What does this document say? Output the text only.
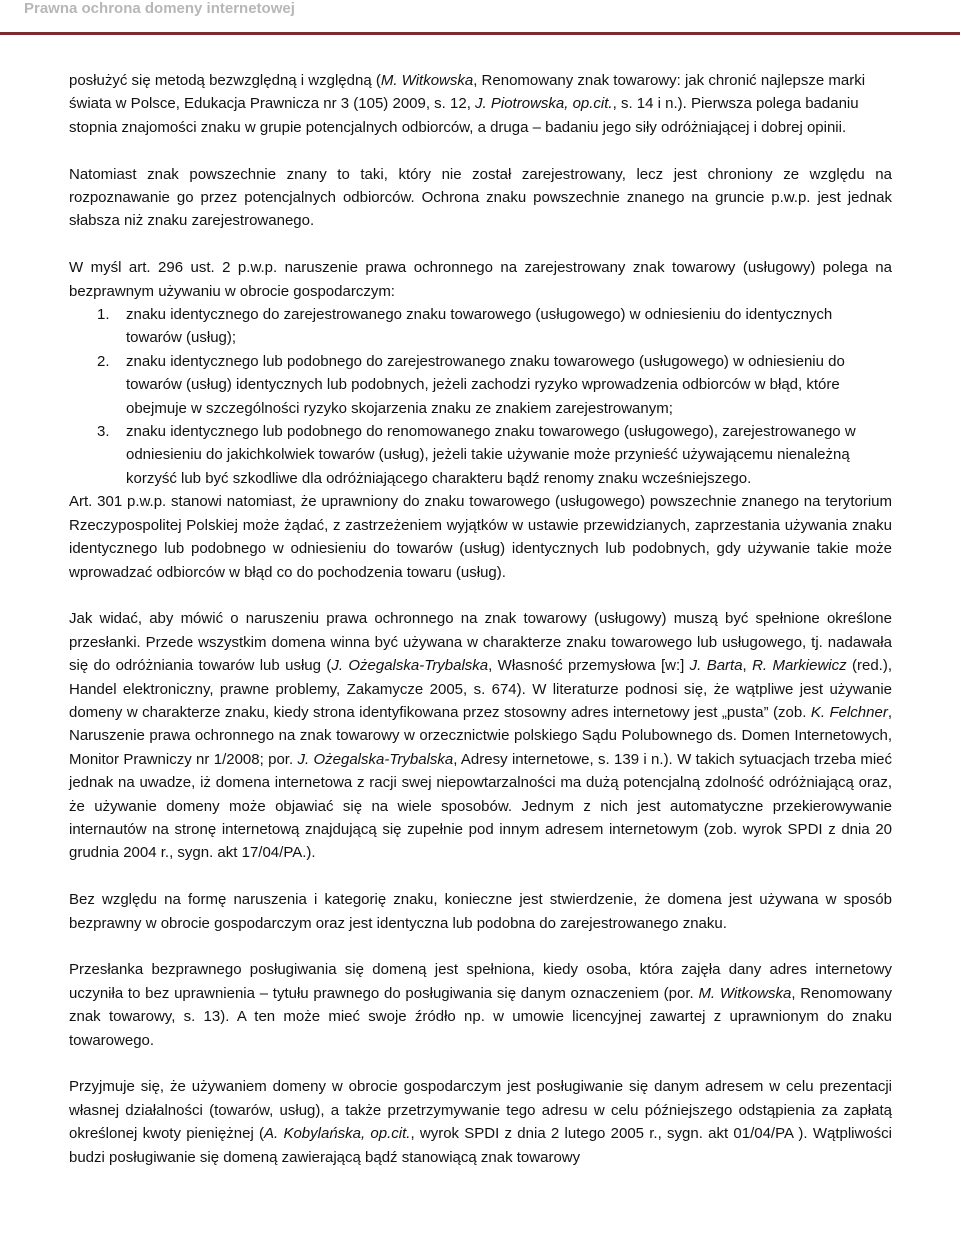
Prawna ochrona domeny internetowej

posłużyć się metodą bezwzględną i względną (M. Witkowska, Renomowany znak towarowy: jak chronić najlepsze marki świata w Polsce, Edukacja Prawnicza nr 3 (105) 2009, s. 12, J. Piotrowska, op.cit., s. 14 i n.). Pierwsza polega badaniu stopnia znajomości znaku w grupie potencjalnych odbiorców, a druga – badaniu jego siły odróżniającej i dobrej opinii.

Natomiast znak powszechnie znany to taki, który nie został zarejestrowany, lecz jest chroniony ze względu na rozpoznawanie go przez potencjalnych odbiorców. Ochrona znaku powszechnie znanego na gruncie p.w.p. jest jednak słabsza niż znaku zarejestrowanego.

W myśl art. 296 ust. 2 p.w.p. naruszenie prawa ochronnego na zarejestrowany znak towarowy (usługowy) polega na bezprawnym używaniu w obrocie gospodarczym:

1. znaku identycznego do zarejestrowanego znaku towarowego (usługowego) w odniesieniu do identycznych towarów (usług);
2. znaku identycznego lub podobnego do zarejestrowanego znaku towarowego (usługowego) w odniesieniu do towarów (usług) identycznych lub podobnych, jeżeli zachodzi ryzyko wprowadzenia odbiorców w błąd, które obejmuje w szczególności ryzyko skojarzenia znaku ze znakiem zarejestrowanym;
3. znaku identycznego lub podobnego do renomowanego znaku towarowego (usługowego), zarejestrowanego w odniesieniu do jakichkolwiek towarów (usług), jeżeli takie używanie może przynieść używającemu nienależną korzyść lub być szkodliwe dla odróżniającego charakteru bądź renomy znaku wcześniejszego.

Art. 301 p.w.p. stanowi natomiast, że uprawniony do znaku towarowego (usługowego) powszechnie znanego na terytorium Rzeczypospolitej Polskiej może żądać, z zastrzeżeniem wyjątków w ustawie przewidzianych, zaprzestania używania znaku identycznego lub podobnego w odniesieniu do towarów (usług) identycznych lub podobnych, gdy używanie takie może wprowadzać odbiorców w błąd co do pochodzenia towaru (usług).

Jak widać, aby mówić o naruszeniu prawa ochronnego na znak towarowy (usługowy) muszą być spełnione określone przesłanki. Przede wszystkim domena winna być używana w charakterze znaku towarowego lub usługowego, tj. nadawała się do odróżniania towarów lub usług (J. Ożegalska-Trybalska, Własność przemysłowa [w:] J. Barta, R. Markiewicz (red.), Handel elektroniczny, prawne problemy, Zakamycze 2005, s. 674). W literaturze podnosi się, że wątpliwe jest używanie domeny w charakterze znaku, kiedy strona identyfikowana przez stosowny adres internetowy jest „pusta” (zob. K. Felchner, Naruszenie prawa ochronnego na znak towarowy w orzecznictwie polskiego Sądu Polubownego ds. Domen Internetowych, Monitor Prawniczy nr 1/2008; por. J. Ożegalska-Trybalska, Adresy internetowe, s. 139 i n.). W takich sytuacjach trzeba mieć jednak na uwadze, iż domena internetowa z racji swej niepowtarzalności ma dużą potencjalną zdolność odróżniającą oraz, że używanie domeny może objawiać się na wiele sposobów. Jednym z nich jest automatyczne przekierowywanie internautów na stronę internetową znajdującą się zupełnie pod innym adresem internetowym (zob. wyrok SPDI z dnia 20 grudnia 2004 r., sygn. akt 17/04/PA.).

Bez względu na formę naruszenia i kategorię znaku, konieczne jest stwierdzenie, że domena jest używana w sposób bezprawny w obrocie gospodarczym oraz jest identyczna lub podobna do zarejestrowanego znaku.

Przesłanka bezprawnego posługiwania się domeną jest spełniona, kiedy osoba, która zajęła dany adres internetowy uczyniła to bez uprawnienia – tytułu prawnego do posługiwania się danym oznaczeniem (por. M. Witkowska, Renomowany znak towarowy, s. 13). A ten może mieć swoje źródło np. w umowie licencyjnej zawartej z uprawnionym do znaku towarowego.

Przyjmuje się, że używaniem domeny w obrocie gospodarczym jest posługiwanie się danym adresem w celu prezentacji własnej działalności (towarów, usług), a także przetrzymywanie tego adresu w celu późniejszego odstąpienia za zapłatą określonej kwoty pieniężnej (A. Kobylańska, op.cit., wyrok SPDI z dnia 2 lutego 2005 r., sygn. akt 01/04/PA ). Wątpliwości budzi posługiwanie się domeną zawierającą bądź stanowiącą znak towarowy
